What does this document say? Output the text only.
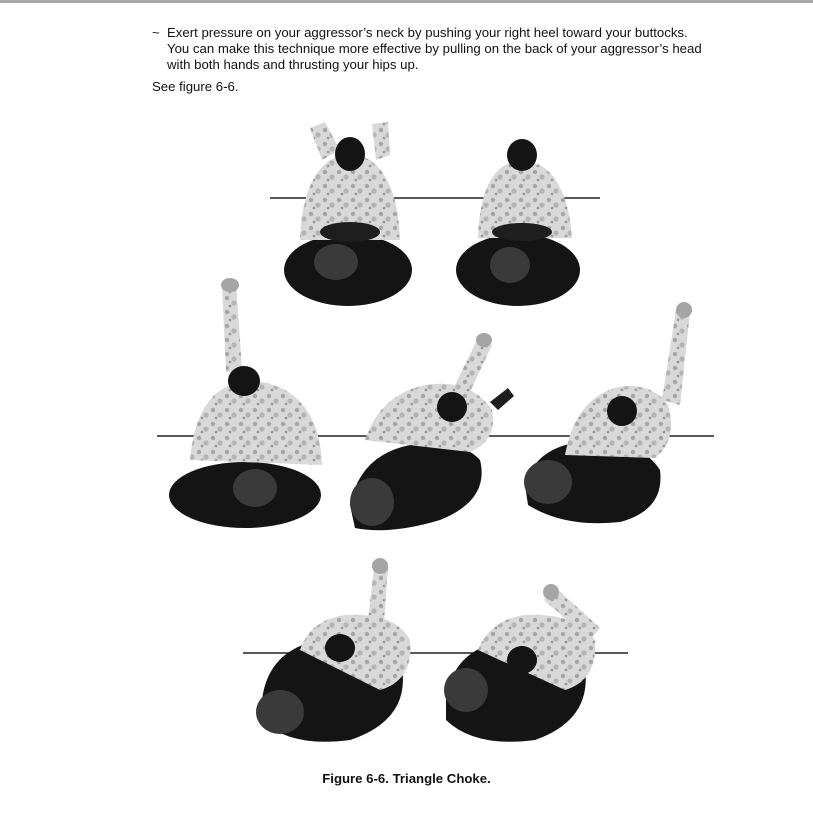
~ Exert pressure on your aggressor’s neck by pushing your right heel toward your buttocks.
You can make this technique more effective by pulling on the back of your aggressor’s head
with both hands and thrusting your hips up.
See figure 6-6.
Figure 6-6. Triangle Choke.
